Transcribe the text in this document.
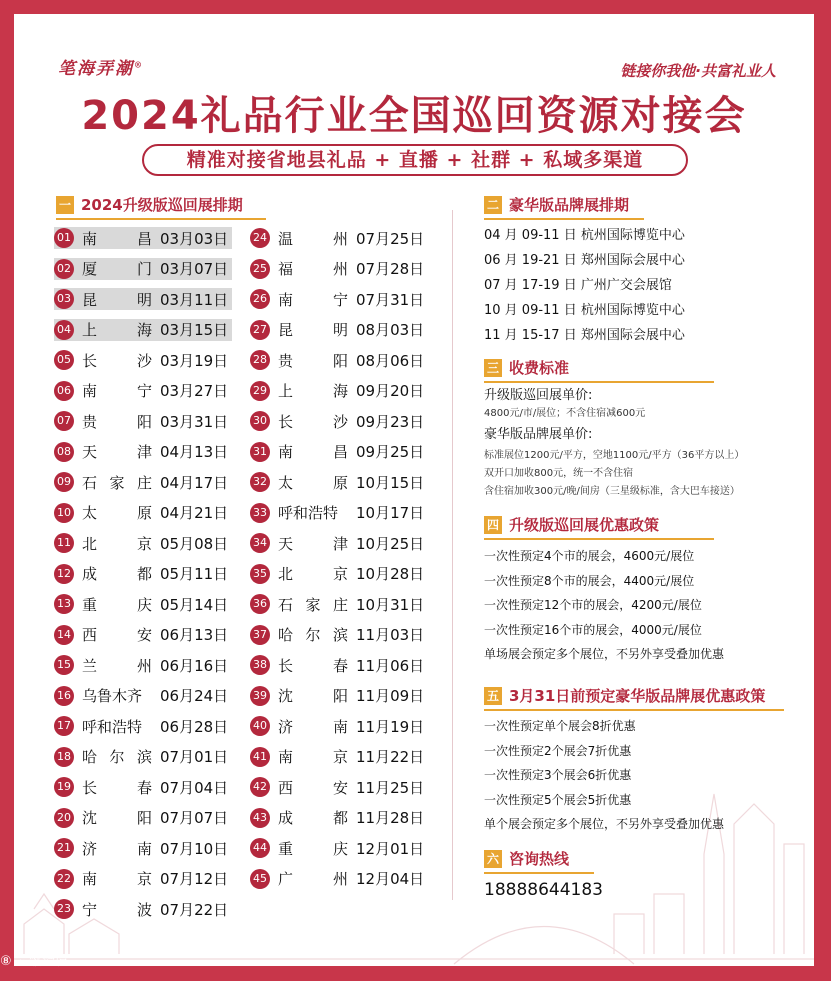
笔海弄潮®	链接你我他·共富礼业人
2024礼品行业全国巡回资源对接会
精准对接省地县礼品 + 直播 + 社群 + 私域多渠道
一 2024升级版巡回展排期
01 南	昌 03月03日
02 厦	门 03月07日
03 昆	明 03月11日
04 上	海 03月15日
05 长	沙 03月19日
06 南	宁 03月27日
07 贵	阳 03月31日
08 天	津 04月13日
09 石 家 庄 04月17日
10 太	原 04月21日
11 北	京 05月08日
12 成	都 05月11日
13 重	庆 05月14日
14 西	安 06月13日
15 兰	州 06月16日
16 乌鲁木齐 06月24日
17 呼和浩特 06月28日
18 哈 尔 滨 07月01日
19 长	春 07月04日
20 沈	阳 07月07日
21 济	南 07月10日
22 南	京 07月12日
23 宁	波 07月22日
24 温	州 07月25日
25 福	州 07月28日
26 南	宁 07月31日
27 昆	明 08月03日
28 贵	阳 08月06日
29 上	海 09月20日
30 长	沙 09月23日
31 南	昌 09月25日
32 太	原 10月15日
33 呼和浩特 10月17日
34 天	津 10月25日
35 北	京 10月28日
36 石 家 庄 10月31日
37 哈 尔 滨 11月03日
38 长	春 11月06日
39 沈	阳 11月09日
40 济	南 11月19日
41 南	京 11月22日
42 西	安 11月25日
43 成	都 11月28日
44 重	庆 12月01日
45 广	州 12月04日
二 豪华版品牌展排期
04 月 09-11 日 杭州国际博览中心
06 月 19-21 日 郑州国际会展中心
07 月 17-19 日 广州广交会展馆
10 月 09-11 日 杭州国际博览中心
11 月 15-17 日 郑州国际会展中心
三 收费标准
升级版巡回展单价:
4800元/市/展位；不含住宿减600元
豪华版品牌展单价:
标准展位1200元/平方，空地1100元/平方（36平方以上）
双开口加收800元，统一不含住宿
含住宿加收300元/晚/间房（三星级标准，含大巴车接送）
四 升级版巡回展优惠政策
一次性预定4个市的展会，4600元/展位
一次性预定8个市的展会，4400元/展位
一次性预定12个市的展会，4200元/展位
一次性预定16个市的展会，4000元/展位
单场展会预定多个展位，不另外享受叠加优惠
五 3月31日前预定豪华版品牌展优惠政策
一次性预定单个展会8折优惠
一次性预定2个展会7折优惠
一次性预定3个展会6折优惠
一次性预定5个展会5折优惠
单个展会预定多个展位，不另外享受叠加优惠
六 咨询热线
18888644183
⑧ 六歌跨境
